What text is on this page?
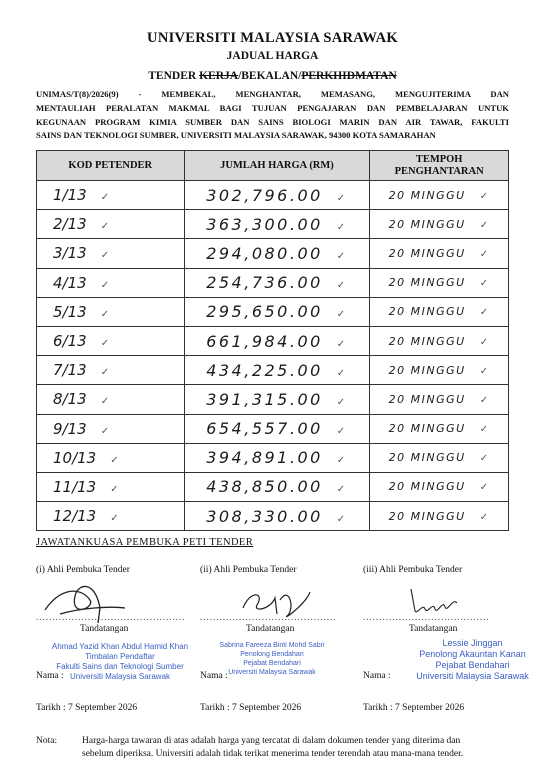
UNIVERSITI MALAYSIA SARAWAK
JADUAL HARGA
TENDER KERJA/BEKALAN/PERKHIDMATAN
UNIMAS/T(8)/2026(9) - MEMBEKAL, MENGHANTAR, MEMASANG, MENGUJITERIMA DAN
MENTAULIAH PERALATAN MAKMAL BAGI TUJUAN PENGAJARAN DAN PEMBELAJARAN UNTUK
KEGUNAAN PROGRAM KIMIA SUMBER DAN SAINS BIOLOGI MARIN DAN AIR TAWAR, FAKULTI
SAINS DAN TEKNOLOGI SUMBER, UNIVERSITI MALAYSIA SARAWAK, 94300 KOTA SAMARAHAN
KOD PETENDER	JUMLAH HARGA (RM)	TEMPOH
PENGHANTARAN

1/13 ✓	302,796.00 ✓	20 MINGGU ✓
2/13 ✓	363,300.00 ✓	20 MINGGU ✓
3/13 ✓	294,080.00 ✓	20 MINGGU ✓
4/13 ✓	254,736.00 ✓	20 MINGGU ✓
5/13 ✓	295,650.00 ✓	20 MINGGU ✓
6/13 ✓	661,984.00 ✓	20 MINGGU ✓
7/13 ✓	434,225.00 ✓	20 MINGGU ✓
8/13 ✓	391,315.00 ✓	20 MINGGU ✓
9/13 ✓	654,557.00 ✓	20 MINGGU ✓
10/13 ✓	394,891.00 ✓	20 MINGGU ✓
11/13 ✓	438,850.00 ✓	20 MINGGU ✓
12/13 ✓	308,330.00 ✓	20 MINGGU ✓
JAWATANKUASA PEMBUKA PETI TENDER
(i) Ahli Pembuka Tender
..............................................
Tandatangan
Ahmad Yazid Khan Abdul Hamid Khan
Timbalan Pendaftar
Fakulti Sains dan Teknologi Sumber
Universiti Malaysia Sarawak
Nama :
Tarikh : 7 September 2026
(ii) Ahli Pembuka Tender
..........................................
Tandatangan
Sabrina Fareeza Binti Mohd Sabri
Penolong Bendahari
Pejabat Bendahari
Universiti Malaysia Sarawak
Nama :
Tarikh : 7 September 2026
(iii) Ahli Pembuka Tender
.......................................
Tandatangan
Lessie Jinggan
Penolong Akauntan Kanan
Pejabat Bendahari
Universiti Malaysia Sarawak
Nama :
Tarikh : 7 September 2026
Nota:	Harga-harga tawaran di atas adalah harga yang tercatat di dalam dokumen tender yang diterima dan
sebelum diperiksa. Universiti adalah tidak terikat menerima tender terendah atau mana-mana tender.
